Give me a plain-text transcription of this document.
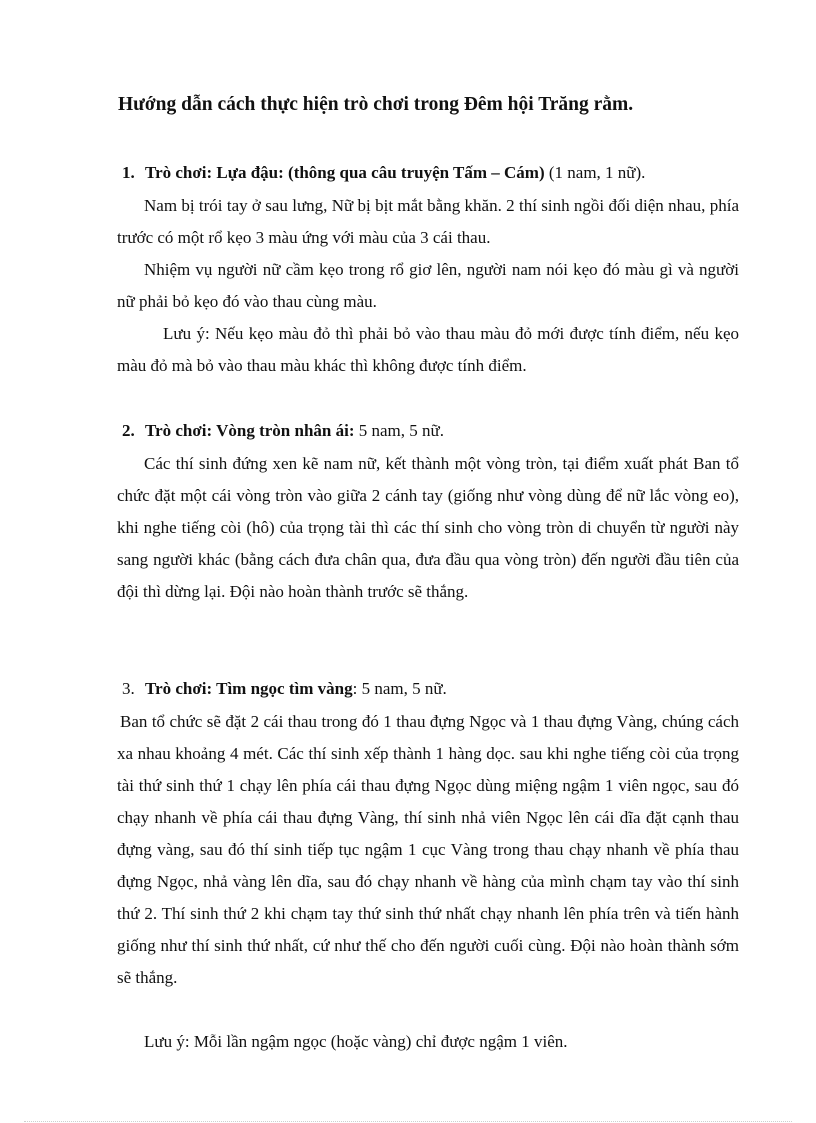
Hướng dẫn cách thực hiện trò chơi trong Đêm hội Trăng rằm.
1. Trò chơi: Lựa đậu: (thông qua câu truyện Tấm – Cám) (1 nam, 1 nữ).

Nam bị trói tay ở sau lưng, Nữ bị bịt mắt bằng khăn. 2 thí sinh ngồi đối diện nhau, phía trước có một rổ kẹo 3 màu ứng với màu của 3 cái thau.

Nhiệm vụ người nữ cầm kẹo trong rổ giơ lên, người nam nói kẹo đó màu gì và người nữ phải bỏ kẹo đó vào thau cùng màu.

Lưu ý: Nếu kẹo màu đỏ thì phải bỏ vào thau màu đỏ mới được tính điểm, nếu kẹo màu đỏ mà bỏ vào thau màu khác thì không được tính điểm.

2. Trò chơi: Vòng tròn nhân ái: 5 nam, 5 nữ.

Các thí sinh đứng xen kẽ nam nữ, kết thành một vòng tròn, tại điểm xuất phát Ban tổ chức đặt một cái vòng tròn vào giữa 2 cánh tay (giống như vòng dùng để nữ lắc vòng eo), khi nghe tiếng còi (hô) của trọng tài thì các thí sinh cho vòng tròn di chuyển từ người này sang người khác (bằng cách đưa chân qua, đưa đầu qua vòng tròn) đến người đầu tiên của đội thì dừng lại. Đội nào hoàn thành trước sẽ thắng.

3. Trò chơi: Tìm ngọc tìm vàng: 5 nam, 5 nữ.

Ban tổ chức sẽ đặt 2 cái thau trong đó 1 thau đựng Ngọc và 1 thau đựng Vàng, chúng cách xa nhau khoảng 4 mét. Các thí sinh xếp thành 1 hàng dọc. sau khi nghe tiếng còi của trọng tài thứ sinh thứ 1 chạy lên phía cái thau đựng Ngọc dùng miệng ngậm 1 viên ngọc, sau đó chạy nhanh về phía cái thau đựng Vàng, thí sinh nhả viên Ngọc lên cái dĩa đặt cạnh thau đựng vàng, sau đó thí sinh tiếp tục ngậm 1 cục Vàng trong thau chạy nhanh về phía thau đựng Ngọc, nhả vàng lên dĩa, sau đó chạy nhanh về hàng của mình chạm tay vào thí sinh thứ 2. Thí sinh thứ 2 khi chạm tay thứ sinh thứ nhất chạy nhanh lên phía trên và tiến hành giống như thí sinh thứ nhất, cứ như thế cho đến người cuối cùng. Đội nào hoàn thành sớm sẽ thắng.

Lưu ý: Mỗi lần ngậm ngọc (hoặc vàng) chỉ được ngậm 1 viên.
